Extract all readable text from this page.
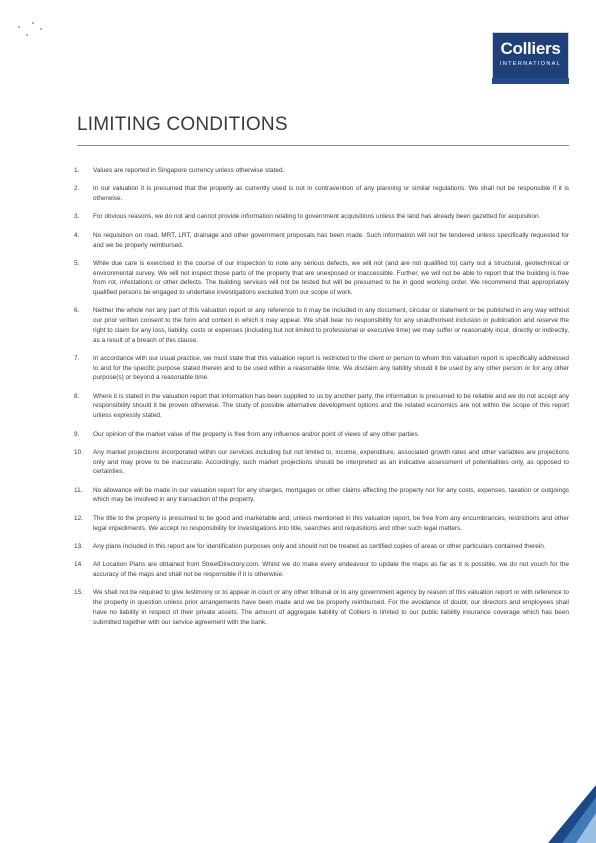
Colliers
INTERNATIONAL
LIMITING CONDITIONS
1.	Values are reported in Singapore currency unless otherwise stated.
2.	In our valuation it is presumed that the property as currently used is not in contravention of any planning or similar regulations. We shall not be responsible if it is otherwise.
3.	For obvious reasons, we do not and cannot provide information relating to government acquisitions unless the land has already been gazetted for acquisition.
4.	No requisition on road, MRT, LRT, drainage and other government proposals has been made. Such information will not be tendered unless specifically requested for and we be properly reimbursed.
5.	While due care is exercised in the course of our inspection to note any serious defects, we will not (and are not qualified to) carry out a structural, geotechnical or environmental survey. We will not inspect those parts of the property that are unexposed or inaccessible. Further, we will not be able to report that the building is free from rot, infestations or other defects. The building services will not be tested but will be presumed to be in good working order. We recommend that appropriately qualified persons be engaged to undertake investigations excluded from our scope of work.
6.	Neither the whole nor any part of this valuation report or any reference to it may be included in any document, circular or statement or be published in any way without our prior written consent to the form and context in which it may appear. We shall bear no responsibility for any unauthorised inclusion or publication and reserve the right to claim for any loss, liability, costs or expenses (including but not limited to professional or executive time) we may suffer or reasonably incur, directly or indirectly, as a result of a breach of this clause.
7.	In accordance with our usual practice, we must state that this valuation report is restricted to the client or person to whom this valuation report is specifically addressed to and for the specific purpose stated therein and to be used within a reasonable time. We disclaim any liability should it be used by any other person or for any other purpose(s) or beyond a reasonable time.
8.	Where it is stated in the valuation report that information has been supplied to us by another party, the information is presumed to be reliable and we do not accept any responsibility should it be proven otherwise. The study of possible alternative development options and the related economics are not within the scope of this report unless expressly stated.
9.	Our opinion of the market value of the property is free from any influence and/or point of views of any other parties.
10.	Any market projections incorporated within our services including but not limited to, income, expenditure, associated growth rates and other variables are projections only and may prove to be inaccurate. Accordingly, such market projections should be interpreted as an indicative assessment of potentialities only, as opposed to certainties.
11.	No allowance will be made in our valuation report for any charges, mortgages or other claims affecting the property nor for any costs, expenses, taxation or outgoings which may be involved in any transaction of the property.
12.	The title to the property is presumed to be good and marketable and, unless mentioned in this valuation report, be free from any encumbrances, restrictions and other legal impediments. We accept no responsibility for investigations into title, searches and requisitions and other such legal matters.
13.	Any plans included in this report are for identification purposes only and should not be treated as certified copies of areas or other particulars contained therein.
14.	All Location Plans are obtained from StreetDirectory.com. Whilst we do make every endeavour to update the maps as far as it is possible, we do not vouch for the accuracy of the maps and shall not be responsible if it is otherwise.
15.	We shall not be required to give testimony or to appear in court or any other tribunal or to any government agency by reason of this valuation report or with reference to the property in question unless prior arrangements have been made and we be properly reimbursed. For the avoidance of doubt, our directors and employees shall have no liability in respect of their private assets. The amount of aggregate liability of Colliers is limited to our public liability insurance coverage which has been submitted together with our service agreement with the bank.
